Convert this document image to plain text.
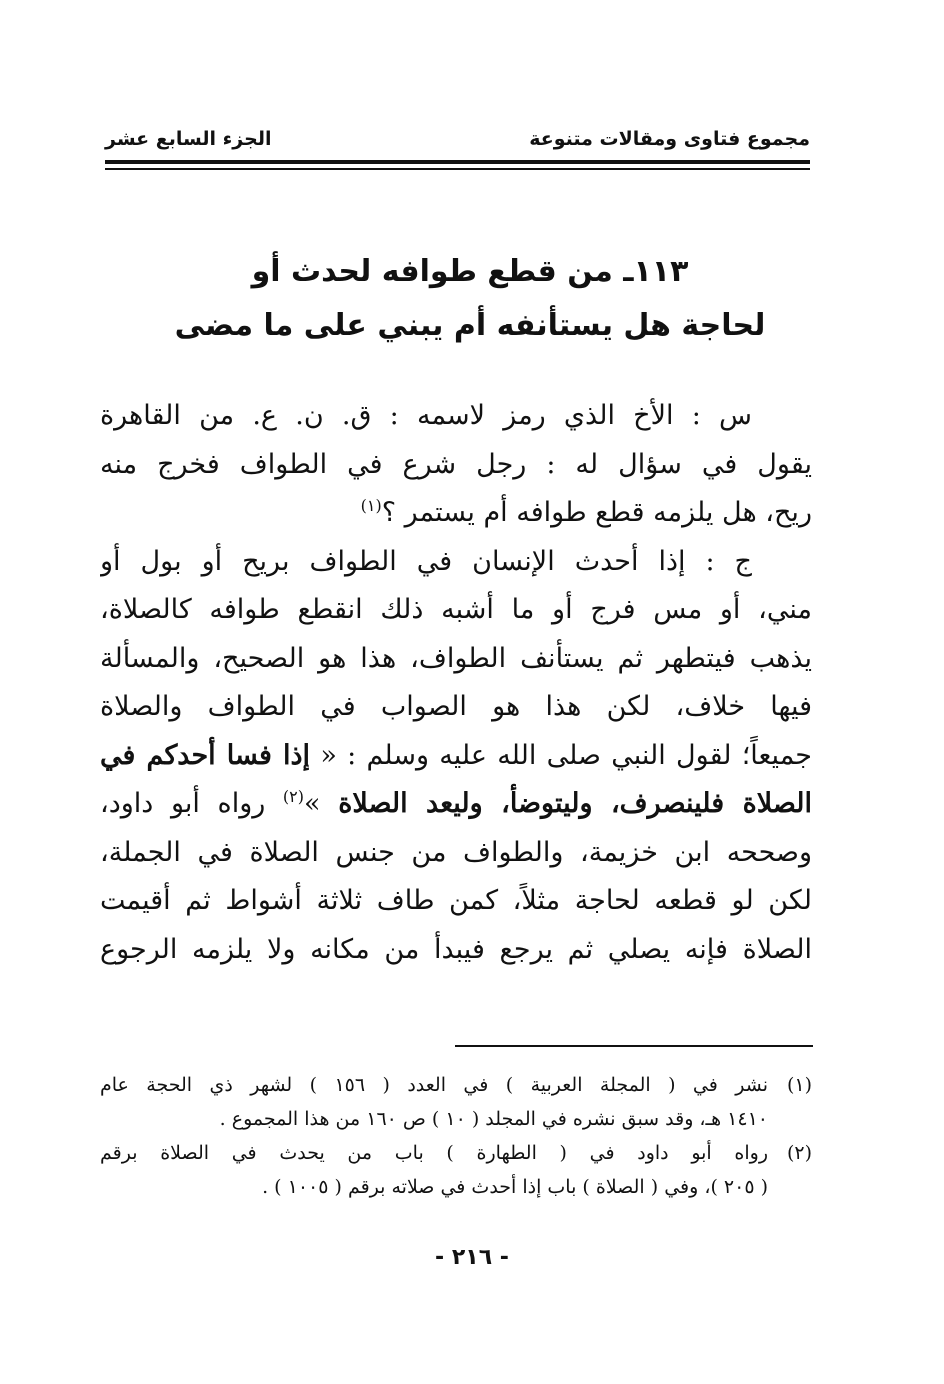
مجموع فتاوى ومقالات متنوعة
الجزء السابع عشر
١١٣ـ من قطع طوافه لحدث أو
لحاجة هل يستأنفه أم يبني على ما مضى
س : الأخ الذي رمز لاسمه : ق. ن. ع. من القاهرة
يقول في سؤال له : رجل شرع في الطواف فخرج منه
ريح، هل يلزمه قطع طوافه أم يستمر ؟$^{(١)}$
ج : إذا أحدث الإنسان في الطواف بريح أو بول أو
مني، أو مس فرج أو ما أشبه ذلك انقطع طوافه كالصلاة،
يذهب فيتطهر ثم يستأنف الطواف، هذا هو الصحيح، والمسألة
فيها خلاف، لكن هذا هو الصواب في الطواف والصلاة
جميعاً؛ لقول النبي صلى الله عليه وسلم : « إذا فسا أحدكم في
الصلاة فلينصرف، وليتوضأ، وليعد الصلاة »$^{(٢)}$ رواه أبو داود،
وصححه ابن خزيمة، والطواف من جنس الصلاة في الجملة،
لكن لو قطعه لحاجة مثلاً، كمن طاف ثلاثة أشواط ثم أقيمت
الصلاة فإنه يصلي ثم يرجع فيبدأ من مكانه ولا يلزمه الرجوع
(١)
نشر في ( المجلة العربية ) في العدد ( ١٥٦ ) لشهر ذي الحجة عام
١٤١٠ هـ، وقد سبق نشره في المجلد ( ١٠ ) ص ١٦٠ من هذا المجموع .
(٢)
رواه أبو داود في ( الطهارة ) باب من يحدث في الصلاة برقم
( ٢٠٥ )، وفي ( الصلاة ) باب إذا أحدث في صلاته برقم ( ١٠٠٥ ) .
- ٢١٦ -
